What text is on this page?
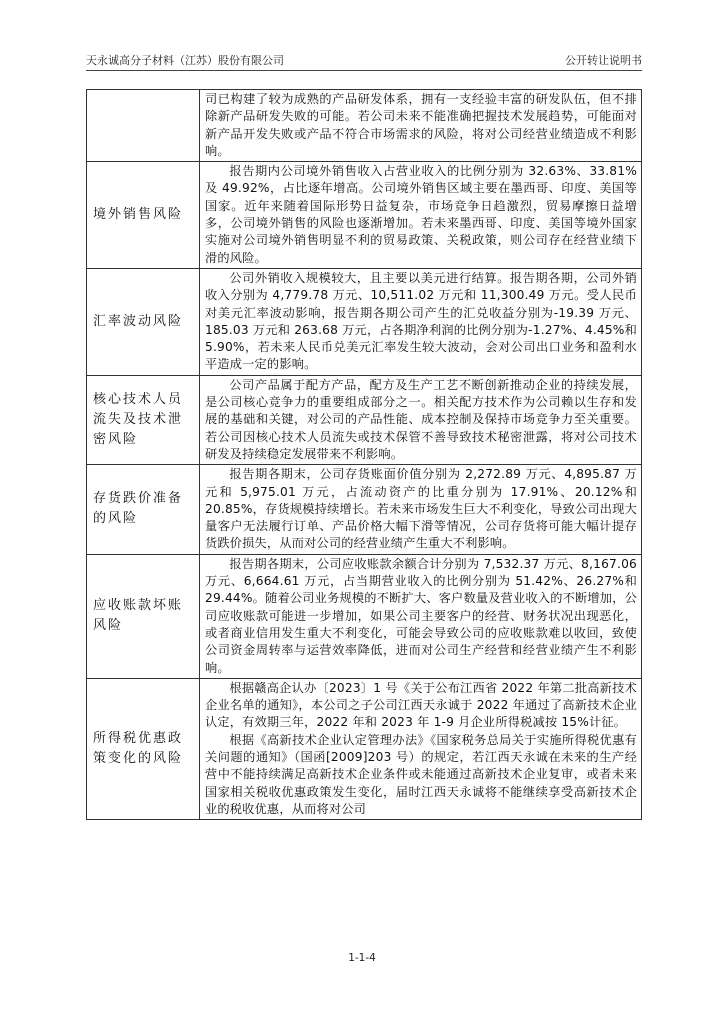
天永诚高分子材料（江苏）股份有限公司	公开转让说明书

	司已构建了较为成熟的产品研发体系，拥有一支经验丰富的研发队伍，但不排除新产品研发失败的可能。若公司未来不能准确把握技术发展趋势，可能面对新产品开发失败或产品不符合市场需求的风险，将对公司经营业绩造成不利影响。

境外销售风险	报告期内公司境外销售收入占营业收入的比例分别为 32.63%、33.81%及 49.92%，占比逐年增高。公司境外销售区域主要在墨西哥、印度、美国等国家。近年来随着国际形势日益复杂，市场竞争日趋激烈，贸易摩擦日益增多，公司境外销售的风险也逐渐增加。若未来墨西哥、印度、美国等境外国家实施对公司境外销售明显不利的贸易政策、关税政策，则公司存在经营业绩下滑的风险。

汇率波动风险	公司外销收入规模较大，且主要以美元进行结算。报告期各期，公司外销收入分别为 4,779.78 万元、10,511.02 万元和 11,300.49 万元。受人民币对美元汇率波动影响，报告期各期公司产生的汇兑收益分别为-19.39 万元、185.03 万元和 263.68 万元，占各期净利润的比例分别为-1.27%、4.45%和 5.90%，若未来人民币兑美元汇率发生较大波动，会对公司出口业务和盈利水平造成一定的影响。

核心技术人员流失及技术泄密风险	公司产品属于配方产品，配方及生产工艺不断创新推动企业的持续发展，是公司核心竞争力的重要组成部分之一。相关配方技术作为公司赖以生存和发展的基础和关键，对公司的产品性能、成本控制及保持市场竞争力至关重要。若公司因核心技术人员流失或技术保管不善导致技术秘密泄露，将对公司技术研发及持续稳定发展带来不利影响。

存货跌价准备的风险	报告期各期末，公司存货账面价值分别为 2,272.89 万元、4,895.87 万元和 5,975.01 万元，占流动资产的比重分别为 17.91%、20.12%和 20.85%，存货规模持续增长。若未来市场发生巨大不利变化，导致公司出现大量客户无法履行订单、产品价格大幅下滑等情况，公司存货将可能大幅计提存货跌价损失，从而对公司的经营业绩产生重大不利影响。

应收账款坏账风险	报告期各期末，公司应收账款余额合计分别为 7,532.37 万元、8,167.06 万元、6,664.61 万元，占当期营业收入的比例分别为 51.42%、26.27%和 29.44%。随着公司业务规模的不断扩大、客户数量及营业收入的不断增加，公司应收账款可能进一步增加，如果公司主要客户的经营、财务状况出现恶化，或者商业信用发生重大不利变化，可能会导致公司的应收账款难以收回，致使公司资金周转率与运营效率降低，进而对公司生产经营和经营业绩产生不利影响。

所得税优惠政策变化的风险	根据赣高企认办〔2023〕1 号《关于公布江西省 2022 年第二批高新技术企业名单的通知》，本公司之子公司江西天永诚于 2022 年通过了高新技术企业认定，有效期三年，2022 年和 2023 年 1-9 月企业所得税减按 15%计征。

根据《高新技术企业认定管理办法》《国家税务总局关于实施所得税优惠有关问题的通知》（国函[2009]203 号）的规定，若江西天永诚在未来的生产经营中不能持续满足高新技术企业条件或未能通过高新技术企业复审，或者未来国家相关税收优惠政策发生变化，届时江西天永诚将不能继续享受高新技术企业的税收优惠，从而将对公司

1-1-4
